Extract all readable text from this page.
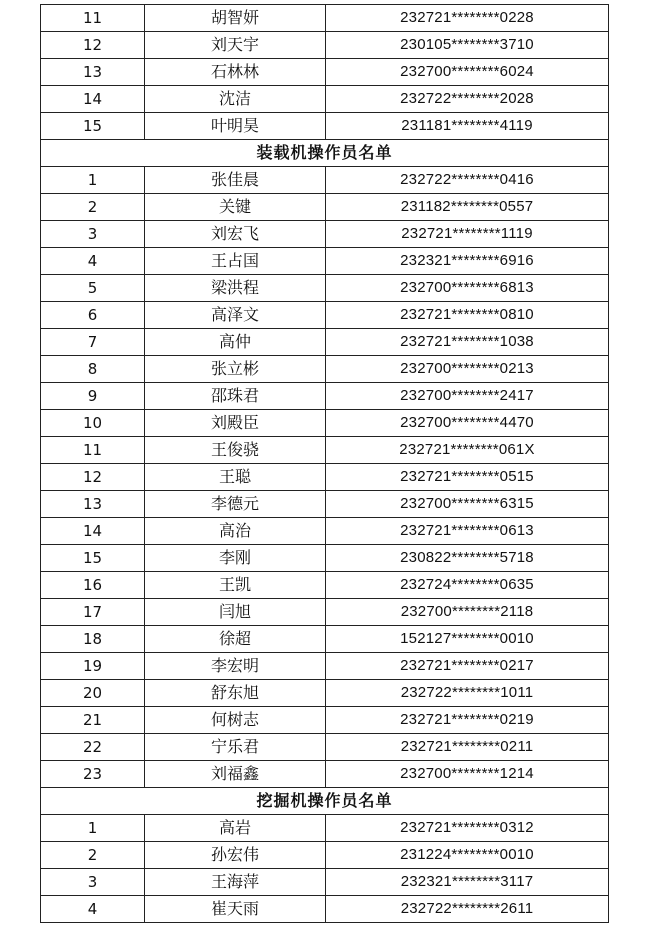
11	胡智妍	232721********0228
12	刘天宇	230105********3710
13	石林林	232700********6024
14	沈洁	232722********2028
15	叶明昊	231181********4119
装载机操作员名单		
1	张佳晨	232722********0416
2	关键	231182********0557
3	刘宏飞	232721********1119
4	王占国	232321********6916
5	梁洪程	232700********6813
6	高泽文	232721********0810
7	高仲	232721********1038
8	张立彬	232700********0213
9	邵珠君	232700********2417
10	刘殿臣	232700********4470
11	王俊骁	232721********061X
12	王聪	232721********0515
13	李德元	232700********6315
14	高治	232721********0613
15	李刚	230822********5718
16	王凯	232724********0635
17	闫旭	232700********2118
18	徐超	152127********0010
19	李宏明	232721********0217
20	舒东旭	232722********1011
21	何树志	232721********0219
22	宁乐君	232721********0211
23	刘福鑫	232700********1214
挖掘机操作员名单		
1	高岩	232721********0312
2	孙宏伟	231224********0010
3	王海萍	232321********3117
4	崔天雨	232722********2611
